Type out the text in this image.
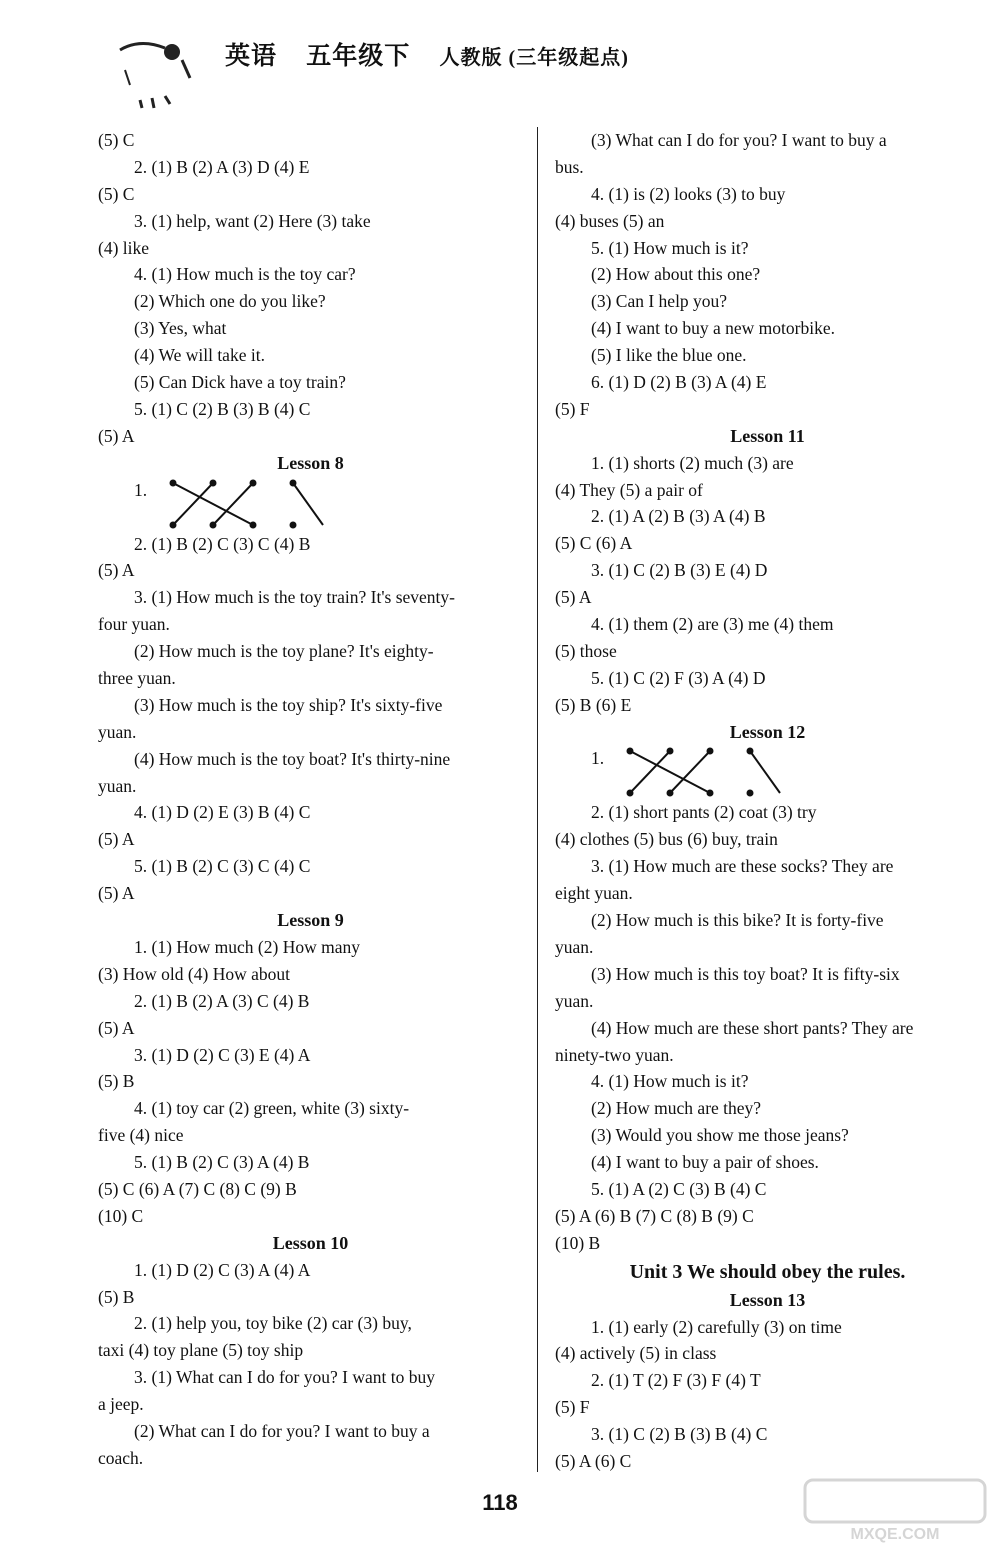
英语 五年级下 人教版 (三年级起点)
(5) C
2. (1) B (2) A (3) D (4) E
(5) C
3. (1) help, want (2) Here (3) take
(4) like
4. (1) How much is the toy car?
(2) Which one do you like?
(3) Yes, what
(4) We will take it.
(5) Can Dick have a toy train?
5. (1) C (2) B (3) B (4) C
(5) A
Lesson 8
1.
2. (1) B (2) C (3) C (4) B
(5) A
3. (1) How much is the toy train? It's seventy-
four yuan.
(2) How much is the toy plane? It's eighty-
three yuan.
(3) How much is the toy ship? It's sixty-five
yuan.
(4) How much is the toy boat? It's thirty-nine
yuan.
4. (1) D (2) E (3) B (4) C
(5) A
5. (1) B (2) C (3) C (4) C
(5) A
Lesson 9
1. (1) How much (2) How many
(3) How old (4) How about
2. (1) B (2) A (3) C (4) B
(5) A
3. (1) D (2) C (3) E (4) A
(5) B
4. (1) toy car (2) green, white (3) sixty-
five (4) nice
5. (1) B (2) C (3) A (4) B
(5) C (6) A (7) C (8) C (9) B
(10) C
Lesson 10
1. (1) D (2) C (3) A (4) A
(5) B
2. (1) help you, toy bike (2) car (3) buy,
taxi (4) toy plane (5) toy ship
3. (1) What can I do for you? I want to buy
a jeep.
(2) What can I do for you? I want to buy a
coach.
(3) What can I do for you? I want to buy a
bus.
4. (1) is (2) looks (3) to buy
(4) buses (5) an
5. (1) How much is it?
(2) How about this one?
(3) Can I help you?
(4) I want to buy a new motorbike.
(5) I like the blue one.
6. (1) D (2) B (3) A (4) E
(5) F
Lesson 11
1. (1) shorts (2) much (3) are
(4) They (5) a pair of
2. (1) A (2) B (3) A (4) B
(5) C (6) A
3. (1) C (2) B (3) E (4) D
(5) A
4. (1) them (2) are (3) me (4) them
(5) those
5. (1) C (2) F (3) A (4) D
(5) B (6) E
Lesson 12
1.
2. (1) short pants (2) coat (3) try
(4) clothes (5) bus (6) buy, train
3. (1) How much are these socks? They are
eight yuan.
(2) How much is this bike? It is forty-five
yuan.
(3) How much is this toy boat? It is fifty-six
yuan.
(4) How much are these short pants? They are
ninety-two yuan.
4. (1) How much is it?
(2) How much are they?
(3) Would you show me those jeans?
(4) I want to buy a pair of shoes.
5. (1) A (2) C (3) B (4) C
(5) A (6) B (7) C (8) B (9) C
(10) B
Unit 3 We should obey the rules.
Lesson 13
1. (1) early (2) carefully (3) on time
(4) actively (5) in class
2. (1) T (2) F (3) F (4) T
(5) F
3. (1) C (2) B (3) B (4) C
(5) A (6) C
118
MXQE.COM
